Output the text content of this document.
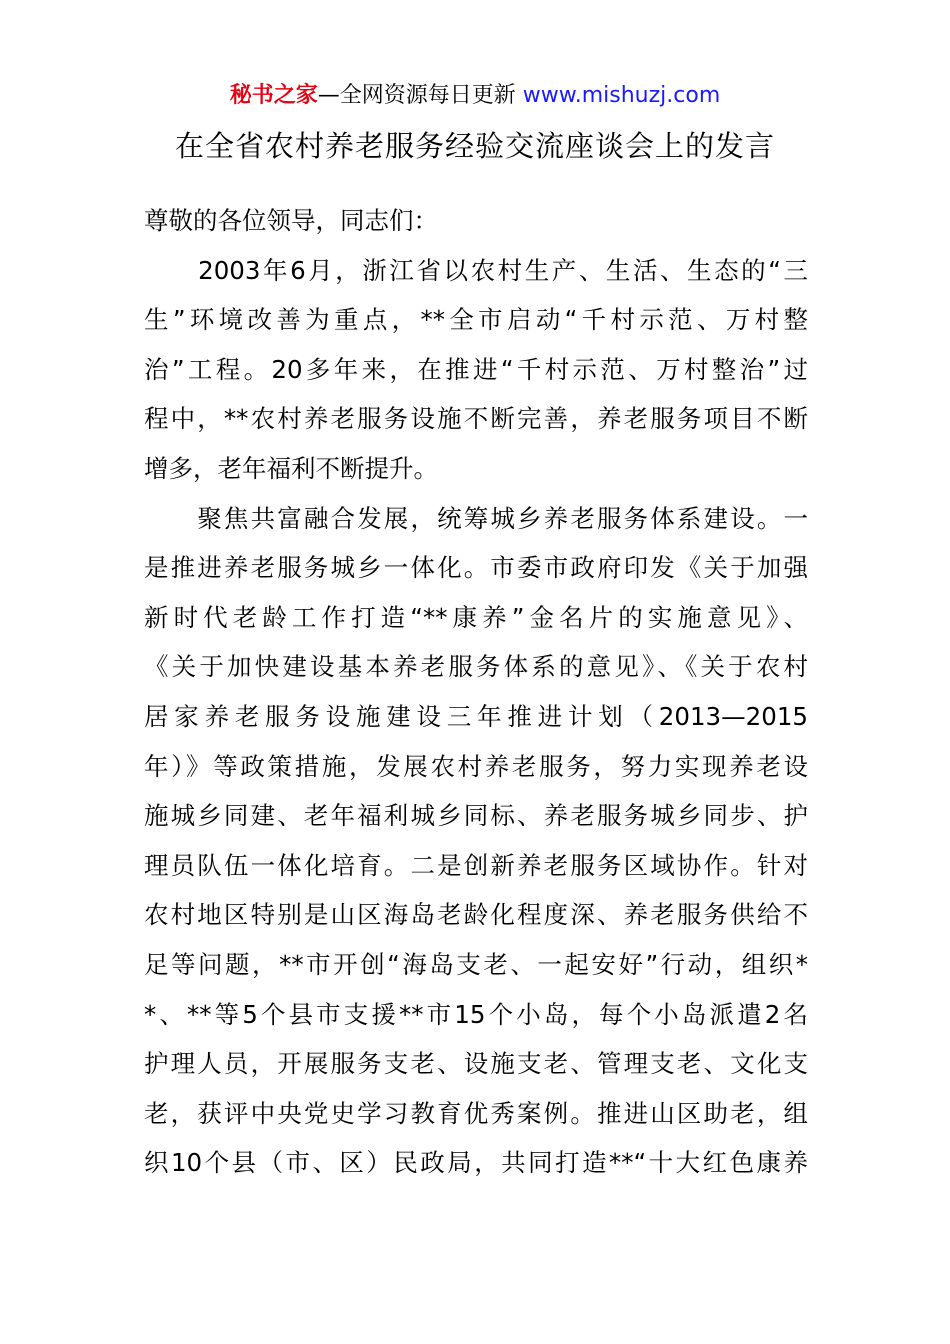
秘书之家—全网资源每日更新 www.mishuzj.com
在全省农村养老服务经验交流座谈会上的发言
尊敬的各位领导，同志们：
　　2003年6月，浙江省以农村生产、生活、生态的“三
生”环境改善为重点，**全市启动“千村示范、万村整
治”工程。20多年来，在推进“千村示范、万村整治”过
程中，**农村养老服务设施不断完善，养老服务项目不断
增多，老年福利不断提升。
　　聚焦共富融合发展，统筹城乡养老服务体系建设。一
是推进养老服务城乡一体化。市委市政府印发《关于加强
新时代老龄工作打造“**康养”金名片的实施意见》、
《关于加快建设基本养老服务体系的意见》、《关于农村
居家养老服务设施建设三年推进计划（2013—2015
年）》等政策措施，发展农村养老服务，努力实现养老设
施城乡同建、老年福利城乡同标、养老服务城乡同步、护
理员队伍一体化培育。二是创新养老服务区域协作。针对
农村地区特别是山区海岛老龄化程度深、养老服务供给不
足等问题，**市开创“海岛支老、一起安好”行动，组织*
*、**等5个县市支援**市15个小岛，每个小岛派遣2名
护理人员，开展服务支老、设施支老、管理支老、文化支
老，获评中央党史学习教育优秀案例。推进山区助老，组
织10个县（市、区）民政局，共同打造**“十大红色康养
